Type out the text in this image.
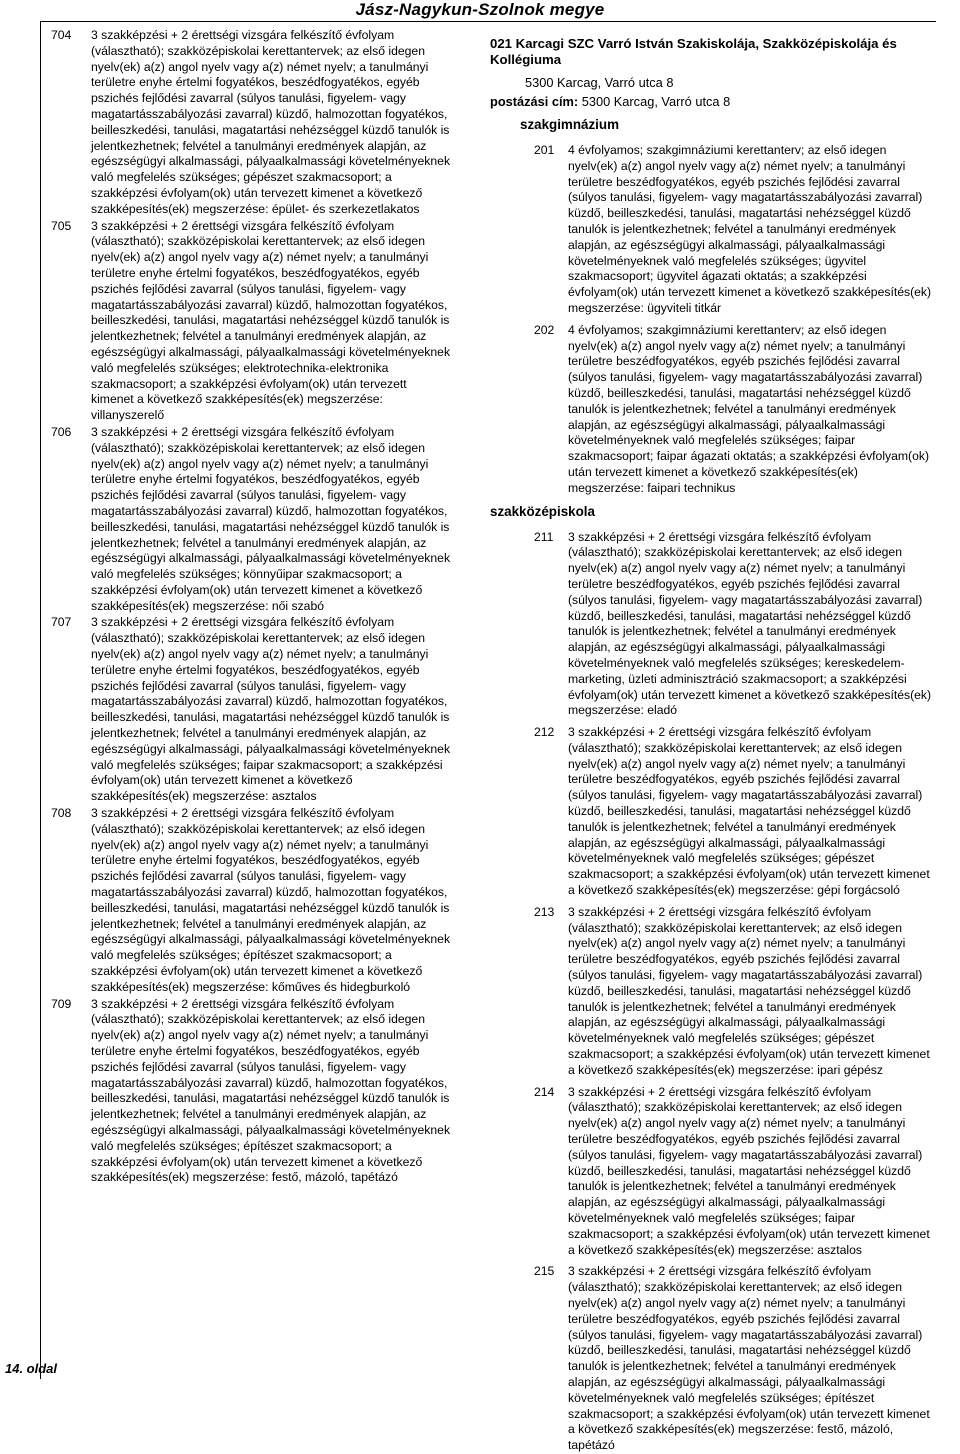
Jász-Nagykun-Szolnok megye
704	3 szakképzési + 2 érettségi vizsgára felkészítő évfolyam (választható); szakközépiskolai kerettantervek; az első idegen nyelv(ek) a(z) angol nyelv vagy a(z) német nyelv; a tanulmányi területre enyhe értelmi fogyatékos, beszédfogyatékos, egyéb pszichés fejlődési zavarral (súlyos tanulási, figyelem- vagy magatartásszabályozási zavarral) küzdő, halmozottan fogyatékos, beilleszkedési, tanulási, magatartási nehézséggel küzdő tanulók is jelentkezhetnek; felvétel a tanulmányi eredmények alapján, az egészségügyi alkalmassági, pályaalkalmassági követelményeknek való megfelelés szükséges; gépészet szakmacsoport; a szakképzési évfolyam(ok) után tervezett kimenet a következő szakképesítés(ek) megszerzése: épület- és szerkezetlakatos
705	3 szakképzési + 2 érettségi vizsgára felkészítő évfolyam (választható); szakközépiskolai kerettantervek; az első idegen nyelv(ek) a(z) angol nyelv vagy a(z) német nyelv; a tanulmányi területre enyhe értelmi fogyatékos, beszédfogyatékos, egyéb pszichés fejlődési zavarral (súlyos tanulási, figyelem- vagy magatartásszabályozási zavarral) küzdő, halmozottan fogyatékos, beilleszkedési, tanulási, magatartási nehézséggel küzdő tanulók is jelentkezhetnek; felvétel a tanulmányi eredmények alapján, az egészségügyi alkalmassági, pályaalkalmassági követelményeknek való megfelelés szükséges; elektrotechnika-elektronika szakmacsoport; a szakképzési évfolyam(ok) után tervezett kimenet a következő szakképesítés(ek) megszerzése: villanyszerelő
706	3 szakképzési + 2 érettségi vizsgára felkészítő évfolyam (választható); szakközépiskolai kerettantervek; az első idegen nyelv(ek) a(z) angol nyelv vagy a(z) német nyelv; a tanulmányi területre enyhe értelmi fogyatékos, beszédfogyatékos, egyéb pszichés fejlődési zavarral (súlyos tanulási, figyelem- vagy magatartásszabályozási zavarral) küzdő, halmozottan fogyatékos, beilleszkedési, tanulási, magatartási nehézséggel küzdő tanulók is jelentkezhetnek; felvétel a tanulmányi eredmények alapján, az egészségügyi alkalmassági, pályaalkalmassági követelményeknek való megfelelés szükséges; könnyűipar szakmacsoport; a szakképzési évfolyam(ok) után tervezett kimenet a következő szakképesítés(ek) megszerzése: női szabó
707	3 szakképzési + 2 érettségi vizsgára felkészítő évfolyam (választható); szakközépiskolai kerettantervek; az első idegen nyelv(ek) a(z) angol nyelv vagy a(z) német nyelv; a tanulmányi területre enyhe értelmi fogyatékos, beszédfogyatékos, egyéb pszichés fejlődési zavarral (súlyos tanulási, figyelem- vagy magatartásszabályozási zavarral) küzdő, halmozottan fogyatékos, beilleszkedési, tanulási, magatartási nehézséggel küzdő tanulók is jelentkezhetnek; felvétel a tanulmányi eredmények alapján, az egészségügyi alkalmassági, pályaalkalmassági követelményeknek való megfelelés szükséges; faipar szakmacsoport; a szakképzési évfolyam(ok) után tervezett kimenet a következő szakképesítés(ek) megszerzése: asztalos
708	3 szakképzési + 2 érettségi vizsgára felkészítő évfolyam (választható); szakközépiskolai kerettantervek; az első idegen nyelv(ek) a(z) angol nyelv vagy a(z) német nyelv; a tanulmányi területre enyhe értelmi fogyatékos, beszédfogyatékos, egyéb pszichés fejlődési zavarral (súlyos tanulási, figyelem- vagy magatartásszabályozási zavarral) küzdő, halmozottan fogyatékos, beilleszkedési, tanulási, magatartási nehézséggel küzdő tanulók is jelentkezhetnek; felvétel a tanulmányi eredmények alapján, az egészségügyi alkalmassági, pályaalkalmassági követelményeknek való megfelelés szükséges; építészet szakmacsoport; a szakképzési évfolyam(ok) után tervezett kimenet a következő szakképesítés(ek) megszerzése: kőműves és hidegburkoló
709	3 szakképzési + 2 érettségi vizsgára felkészítő évfolyam (választható); szakközépiskolai kerettantervek; az első idegen nyelv(ek) a(z) angol nyelv vagy a(z) német nyelv; a tanulmányi területre enyhe értelmi fogyatékos, beszédfogyatékos, egyéb pszichés fejlődési zavarral (súlyos tanulási, figyelem- vagy magatartásszabályozási zavarral) küzdő, halmozottan fogyatékos, beilleszkedési, tanulási, magatartási nehézséggel küzdő tanulók is jelentkezhetnek; felvétel a tanulmányi eredmények alapján, az egészségügyi alkalmassági, pályaalkalmassági követelményeknek való megfelelés szükséges; építészet szakmacsoport; a szakképzési évfolyam(ok) után tervezett kimenet a következő szakképesítés(ek) megszerzése: festő, mázoló, tapétázó
021 Karcagi SZC Varró István Szakiskolája, Szakközépiskolája és Kollégiuma
5300 Karcag, Varró utca 8
postázási cím: 5300 Karcag, Varró utca 8
szakgimnázium
201	4 évfolyamos; szakgimnáziumi kerettanterv; az első idegen nyelv(ek) a(z) angol nyelv vagy a(z) német nyelv; a tanulmányi területre beszédfogyatékos, egyéb pszichés fejlődési zavarral (súlyos tanulási, figyelem- vagy magatartásszabályozási zavarral) küzdő, beilleszkedési, tanulási, magatartási nehézséggel küzdő tanulók is jelentkezhetnek; felvétel a tanulmányi eredmények alapján, az egészségügyi alkalmassági, pályaalkalmassági követelményeknek való megfelelés szükséges; ügyvitel szakmacsoport; ügyvitel ágazati oktatás; a szakképzési évfolyam(ok) után tervezett kimenet a következő szakképesítés(ek) megszerzése: ügyviteli titkár
202	4 évfolyamos; szakgimnáziumi kerettanterv; az első idegen nyelv(ek) a(z) angol nyelv vagy a(z) német nyelv; a tanulmányi területre beszédfogyatékos, egyéb pszichés fejlődési zavarral (súlyos tanulási, figyelem- vagy magatartásszabályozási zavarral) küzdő, beilleszkedési, tanulási, magatartási nehézséggel küzdő tanulók is jelentkezhetnek; felvétel a tanulmányi eredmények alapján, az egészségügyi alkalmassági, pályaalkalmassági követelményeknek való megfelelés szükséges; faipar szakmacsoport; faipar ágazati oktatás; a szakképzési évfolyam(ok) után tervezett kimenet a következő szakképesítés(ek) megszerzése: faipari technikus
szakközépiskola
211	3 szakképzési + 2 érettségi vizsgára felkészítő évfolyam (választható); szakközépiskolai kerettantervek; az első idegen nyelv(ek) a(z) angol nyelv vagy a(z) német nyelv; a tanulmányi területre beszédfogyatékos, egyéb pszichés fejlődési zavarral (súlyos tanulási, figyelem- vagy magatartásszabályozási zavarral) küzdő, beilleszkedési, tanulási, magatartási nehézséggel küzdő tanulók is jelentkezhetnek; felvétel a tanulmányi eredmények alapján, az egészségügyi alkalmassági, pályaalkalmassági követelményeknek való megfelelés szükséges; kereskedelem-marketing, üzleti adminisztráció szakmacsoport; a szakképzési évfolyam(ok) után tervezett kimenet a következő szakképesítés(ek) megszerzése: eladó
212	3 szakképzési + 2 érettségi vizsgára felkészítő évfolyam (választható); szakközépiskolai kerettantervek; az első idegen nyelv(ek) a(z) angol nyelv vagy a(z) német nyelv; a tanulmányi területre beszédfogyatékos, egyéb pszichés fejlődési zavarral (súlyos tanulási, figyelem- vagy magatartásszabályozási zavarral) küzdő, beilleszkedési, tanulási, magatartási nehézséggel küzdő tanulók is jelentkezhetnek; felvétel a tanulmányi eredmények alapján, az egészségügyi alkalmassági, pályaalkalmassági követelményeknek való megfelelés szükséges; gépészet szakmacsoport; a szakképzési évfolyam(ok) után tervezett kimenet a következő szakképesítés(ek) megszerzése: gépi forgácsoló
213	3 szakképzési + 2 érettségi vizsgára felkészítő évfolyam (választható); szakközépiskolai kerettantervek; az első idegen nyelv(ek) a(z) angol nyelv vagy a(z) német nyelv; a tanulmányi területre beszédfogyatékos, egyéb pszichés fejlődési zavarral (súlyos tanulási, figyelem- vagy magatartásszabályozási zavarral) küzdő, beilleszkedési, tanulási, magatartási nehézséggel küzdő tanulók is jelentkezhetnek; felvétel a tanulmányi eredmények alapján, az egészségügyi alkalmassági, pályaalkalmassági követelményeknek való megfelelés szükséges; gépészet szakmacsoport; a szakképzési évfolyam(ok) után tervezett kimenet a következő szakképesítés(ek) megszerzése: ipari gépész
214	3 szakképzési + 2 érettségi vizsgára felkészítő évfolyam (választható); szakközépiskolai kerettantervek; az első idegen nyelv(ek) a(z) angol nyelv vagy a(z) német nyelv; a tanulmányi területre beszédfogyatékos, egyéb pszichés fejlődési zavarral (súlyos tanulási, figyelem- vagy magatartásszabályozási zavarral) küzdő, beilleszkedési, tanulási, magatartási nehézséggel küzdő tanulók is jelentkezhetnek; felvétel a tanulmányi eredmények alapján, az egészségügyi alkalmassági, pályaalkalmassági követelményeknek való megfelelés szükséges; faipar szakmacsoport; a szakképzési évfolyam(ok) után tervezett kimenet a következő szakképesítés(ek) megszerzése: asztalos
215	3 szakképzési + 2 érettségi vizsgára felkészítő évfolyam (választható); szakközépiskolai kerettantervek; az első idegen nyelv(ek) a(z) angol nyelv vagy a(z) német nyelv; a tanulmányi területre beszédfogyatékos, egyéb pszichés fejlődési zavarral (súlyos tanulási, figyelem- vagy magatartásszabályozási zavarral) küzdő, beilleszkedési, tanulási, magatartási nehézséggel küzdő tanulók is jelentkezhetnek; felvétel a tanulmányi eredmények alapján, az egészségügyi alkalmassági, pályaalkalmassági követelményeknek való megfelelés szükséges; építészet szakmacsoport; a szakképzési évfolyam(ok) után tervezett kimenet a következő szakképesítés(ek) megszerzése: festő, mázoló, tapétázó
14. oldal
